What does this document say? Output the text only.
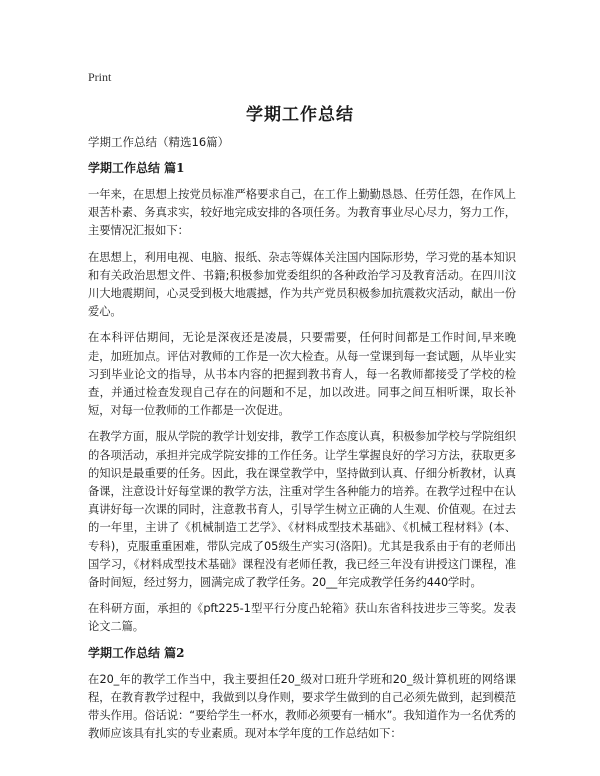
Print
学期工作总结

学期工作总结（精选16篇）

学期工作总结 篇1

一年来，在思想上按党员标准严格要求自己，在工作上勤勤恳恳、任劳任怨，在作风上艰苦朴素、务真求实，较好地完成安排的各项任务。为教育事业尽心尽力，努力工作，主要情况汇报如下：

在思想上，利用电视、电脑、报纸、杂志等媒体关注国内国际形势，学习党的基本知识和有关政治思想文件、书籍;积极参加党委组织的各种政治学习及教育活动。在四川汶川大地震期间，心灵受到极大地震撼，作为共产党员积极参加抗震救灾活动，献出一份爱心。

在本科评估期间，无论是深夜还是凌晨，只要需要，任何时间都是工作时间,早来晚走，加班加点。评估对教师的工作是一次大检查。从每一堂课到每一套试题，从毕业实习到毕业论文的指导，从书本内容的把握到教书育人，每一名教师都接受了学校的检查，并通过检查发现自己存在的问题和不足，加以改进。同事之间互相听课，取长补短，对每一位教师的工作都是一次促进。

在教学方面，服从学院的教学计划安排，教学工作态度认真，积极参加学校与学院组织的各项活动，承担并完成学院安排的工作任务。让学生掌握良好的学习方法，获取更多的知识是最重要的任务。因此，我在课堂教学中，坚持做到认真、仔细分析教材，认真备课，注意设计好每堂课的教学方法，注重对学生各种能力的培养。在教学过程中在认真讲好每一次课的同时，注意教书育人，引导学生树立正确的人生观、价值观。在过去的一年里，主讲了《机械制造工艺学》、《材料成型技术基础》、《机械工程材料》(本、专科)，克服重重困难，带队完成了05级生产实习(洛阳)。尤其是我系由于有的老师出国学习，《材料成型技术基础》课程没有老师任教，我已经三年没有讲授这门课程，准备时间短，经过努力，圆满完成了教学任务。20__年完成教学任务约440学时。

在科研方面，承担的《pft225-1型平行分度凸轮箱》获山东省科技进步三等奖。发表论文二篇。

学期工作总结 篇2

在20_年的教学工作当中，我主要担任20_级对口班升学班和20_级计算机班的网络课程，在教育教学过程中，我做到以身作则，要求学生做到的自己必须先做到，起到模范带头作用。俗话说：“要给学生一杯水，教师必须要有一桶水”。我知道作为一名优秀的教师应该具有扎实的专业素质。现对本学年度的工作总结如下：
